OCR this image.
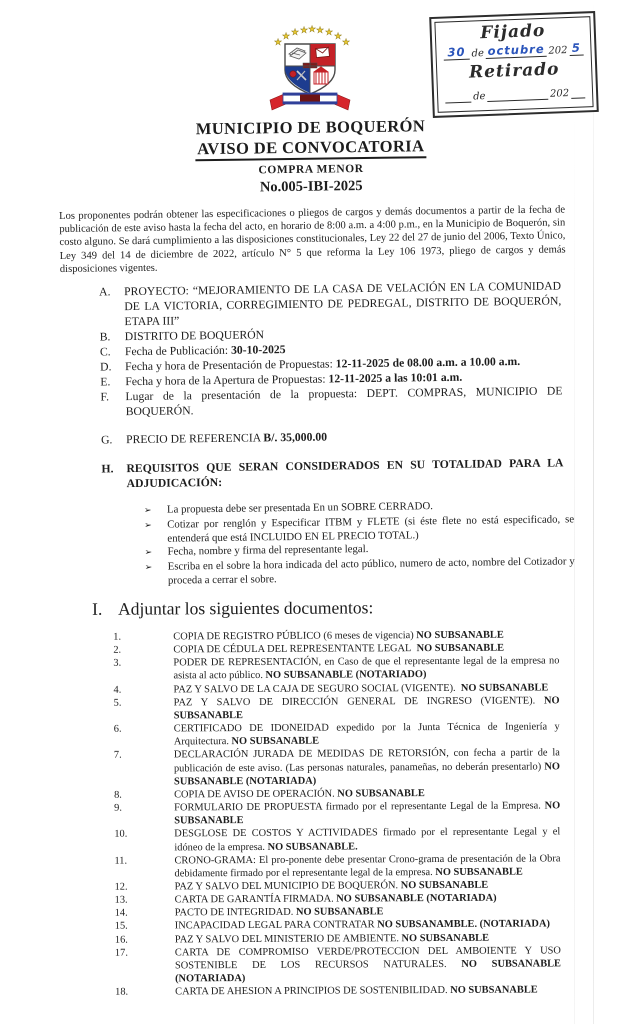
★
★ ★ ★ ★ ★ ★ ★
★	Fijado
30 de octubre 202 5
Retirado

de
	202

MUNICIPIO DE BOQUERÓN
AVISO DE CONVOCATORIA
COMPRA MENOR
No.005-IBI-2025

Los proponentes podrán obtener las especificaciones o pliegos de cargos y demás documentos a partir de la fecha de publicación de este aviso hasta la fecha del acto, en horario de 8:00 a.m. a 4:00 p.m., en la Municipio de Boquerón, sin costo alguno. Se dará cumplimiento a las disposiciones constitucionales, Ley 22 del 27 de junio del 2006, Texto Único, Ley 349 del 14 de diciembre de 2022, artículo N° 5 que reforma la Ley 106 1973, pliego de cargos y demás disposiciones vigentes.

A.	PROYECTO: “MEJORAMIENTO DE LA CASA DE VELACIÓN EN LA COMUNIDAD DE LA VICTORIA, CORREGIMIENTO DE PEDREGAL, DISTRITO DE BOQUERÓN, ETAPA III”
B.	DISTRITO DE BOQUERÓN
C.	Fecha de Publicación: 30-10-2025
D.	Fecha y hora de Presentación de Propuestas: 12-11-2025 de 08.00 a.m. a 10.00 a.m.
E.	Fecha y hora de la Apertura de Propuestas: 12-11-2025 a las 10:01 a.m.
F.	Lugar de la presentación de la propuesta: DEPT. COMPRAS, MUNICIPIO DE BOQUERÓN.
G.	PRECIO DE REFERENCIA B/. 35,000.00
H.	REQUISITOS QUE SERAN CONSIDERADOS EN SU TOTALIDAD PARA LA ADJUDICACIÓN:
➢	La propuesta debe ser presentada En un SOBRE CERRADO.
➢	Cotizar por renglón y Especificar ITBM y FLETE (si éste flete no está especificado, se entenderá que está INCLUIDO EN EL PRECIO TOTAL.)
➢	Fecha, nombre y firma del representante legal.
➢	Escriba en el sobre la hora indicada del acto público, numero de acto, nombre del Cotizador y proceda a cerrar el sobre.
I. Adjuntar los siguientes documentos:
1.	COPIA DE REGISTRO PÚBLICO (6 meses de vigencia) NO SUBSANABLE
2.	COPIA DE CÉDULA DEL REPRESENTANTE LEGAL NO SUBSANABLE
3.	PODER DE REPRESENTACIÓN, en Caso de que el representante legal de la empresa no asista al acto público. NO SUBSANABLE (NOTARIADO)
4.	PAZ Y SALVO DE LA CAJA DE SEGURO SOCIAL (VIGENTE). NO SUBSANABLE
5.	PAZ Y SALVO DE DIRECCIÓN GENERAL DE INGRESO (VIGENTE). NO SUBSANABLE
6.	CERTIFICADO DE IDONEIDAD expedido por la Junta Técnica de Ingeniería y Arquitectura. NO SUBSANABLE
7.	DECLARACIÓN JURADA DE MEDIDAS DE RETORSIÓN, con fecha a partir de la publicación de este aviso. (Las personas naturales, panameñas, no deberán presentarlo) NO SUBSANABLE (NOTARIADA)
8.	COPIA DE AVISO DE OPERACIÓN. NO SUBSANABLE
9.	FORMULARIO DE PROPUESTA firmado por el representante Legal de la Empresa. NO SUBSANABLE
10.	DESGLOSE DE COSTOS Y ACTIVIDADES firmado por el representante Legal y el idóneo de la empresa. NO SUBSANABLE.
11.	CRONO-GRAMA: El pro-ponente debe presentar Crono-grama de presentación de la Obra debidamente firmado por el representante legal de la empresa. NO SUBSANABLE
12.	PAZ Y SALVO DEL MUNICIPIO DE BOQUERÓN. NO SUBSANABLE
13.	CARTA DE GARANTÍA FIRMADA. NO SUBSANABLE (NOTARIADA)
14.	PACTO DE INTEGRIDAD. NO SUBSANABLE
15.	INCAPACIDAD LEGAL PARA CONTRATAR NO SUBSANAMBLE. (NOTARIADA)
16.	PAZ Y SALVO DEL MINISTERIO DE AMBIENTE. NO SUBSANABLE
17.	CARTA DE COMPROMISO VERDE/PROTECCION DEL AMBOIENTE Y USO SOSTENIBLE DE LOS RECURSOS NATURALES. NO SUBSANABLE (NOTARIADA)
18.	CARTA DE AHESION A PRINCIPIOS DE SOSTENIBILIDAD. NO SUBSANABLE
